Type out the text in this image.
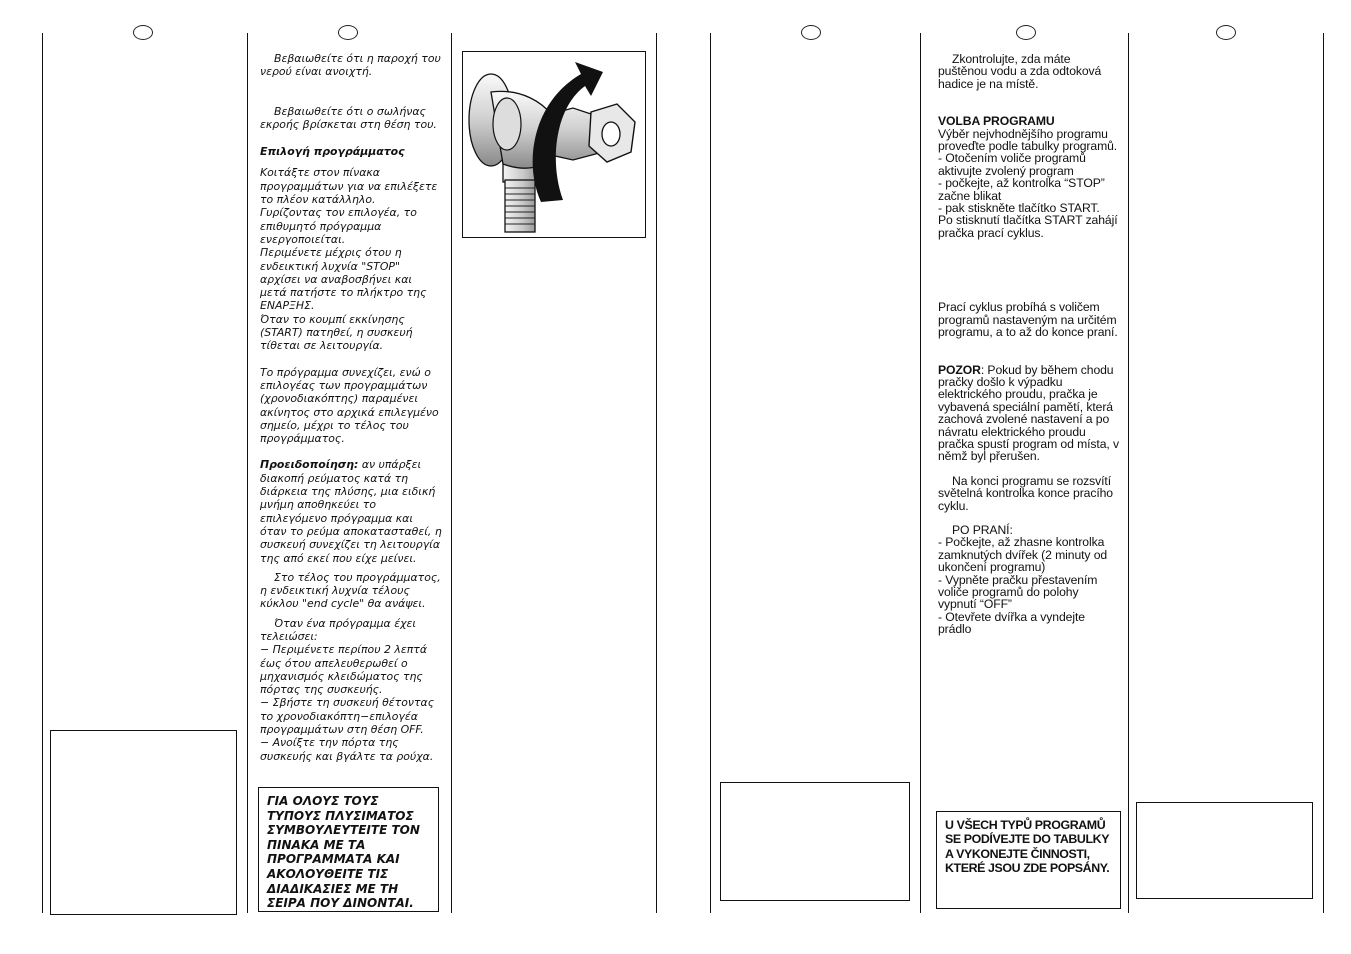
Βεβαιωθείτε ότι η παροχή του νερού είναι ανοιχτή.

Βεβαιωθείτε ότι ο σωλήνας εκροής βρίσκεται στη θέση του.

Επιλογή προγράμματος

Κοιτάξτε στον πίνακα προγραμμάτων για να επιλέξετε το πλέον κατάλληλο.
Γυρίζοντας τον επιλογέα, το επιθυμητό πρόγραμμα ενεργοποιείται.
Περιμένετε μέχρις ότου η ενδεικτική λυχνία "STOP" αρχίσει να αναβοσβήνει και μετά πατήστε το πλήκτρο της ΕΝΑΡΞΗΣ.
Όταν το κουμπί εκκίνησης (START) πατηθεί, η συσκευή τίθεται σε λειτουργία.

Το πρόγραμμα συνεχίζει, ενώ ο επιλογέας των προγραμμάτων (χρονοδιακόπτης) παραμένει ακίνητος στο αρχικά επιλεγμένο σημείο, μέχρι το τέλος του προγράμματος.

Προειδοποίηση: αν υπάρξει διακοπή ρεύματος κατά τη διάρκεια της πλύσης, μια ειδική μνήμη αποθηκεύει το επιλεγόμενο πρόγραμμα και όταν το ρεύμα αποκατασταθεί, η συσκευή συνεχίζει τη λειτουργία της από εκεί που είχε μείνει.

Στο τέλος του προγράμματος, η ενδεικτική λυχνία τέλους κύκλου "end cycle" θα ανάψει.

Όταν ένα πρόγραμμα έχει τελειώσει:

− Περιμένετε περίπου 2 λεπτά έως ότου απελευθερωθεί ο μηχανισμός κλειδώματος της πόρτας της συσκευής.
− Σβήστε τη συσκευή θέτοντας το χρονοδιακόπτη−επιλογέα προγραμμάτων στη θέση OFF.
− Ανοίξτε την πόρτα της συσκευής και βγάλτε τα ρούχα.

ΓΙΑ ΟΛΟΥΣ ΤΟΥΣ ΤΥΠΟΥΣ ΠΛΥΣΙΜΑΤΟΣ ΣΥΜΒΟΥΛΕΥΤΕΙΤΕ ΤΟΝ ΠΙΝΑΚΑ ΜΕ ΤΑ ΠΡΟΓΡΑΜΜΑΤΑ ΚΑΙ ΑΚΟΛΟΥΘΕΙΤΕ ΤΙΣ ΔΙΑΔΙΚΑΣΙΕΣ ΜΕ ΤΗ ΣΕΙΡΑ ΠΟΥ ΔΙΝΟΝΤΑΙ.

Zkontrolujte, zda máte puštěnou vodu a zda odtoková hadice je na místě.

VOLBA PROGRAMU

Výběr nejvhodnějšího programu proveďte podle tabulky programů.
- Otočením voliče programů aktivujte zvolený program
- počkejte, až kontrolka “STOP” začne blikat
- pak stiskněte tlačítko START.
Po stisknutí tlačítka START zahájí pračka prací cyklus.

Prací cyklus probíhá s voličem programů nastaveným na určitém programu, a to až do konce praní.

POZOR: Pokud by během chodu pračky došlo k výpadku elektrického proudu, pračka je vybavená speciální pamětí, která zachová zvolené nastavení a po návratu elektrického proudu pračka spustí program od místa, v němž byl přerušen.

Na konci programu se rozsvítí světelná kontrolka konce pracího cyklu.

PO PRANÍ:

- Počkejte, až zhasne kontrolka zamknutých dvířek (2 minuty od ukončení programu)
- Vypněte pračku přestavením voliče programů do polohy vypnutí “OFF”
- Otevřete dvířka a vyndejte prádlo

U VŠECH TYPŮ PROGRAMŮ SE PODÍVEJTE DO TABULKY A VYKONEJTE ČINNOSTI, KTERÉ JSOU ZDE POPSÁNY.
